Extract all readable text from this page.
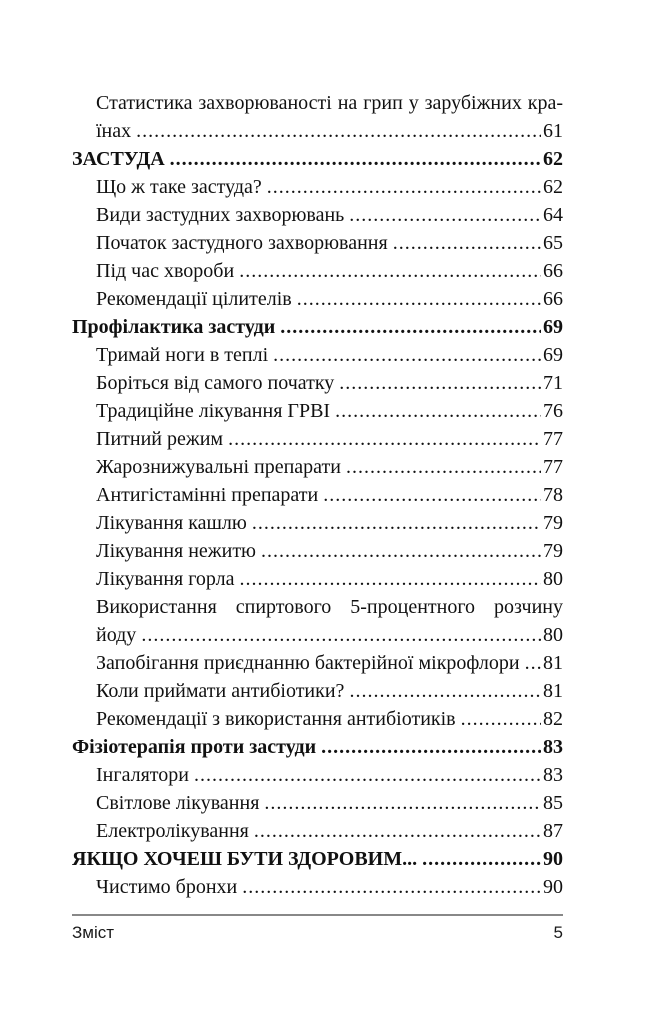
Статистика захворюваності на грип у зарубіжних кра-
їнах .....	61
ЗАСТУДА .....	62
Що ж таке застуда? .....	62
Види застудних захворювань .....	64
Початок застудного захворювання .....	65
Під час хвороби .....	66
Рекомендації цілителів .....	66
Профілактика застуди .....	69
Тримай ноги в теплі .....	69
Боріться від самого початку .....	71
Традиційне лікування ГРВІ .....	76
Питний режим .....	77
Жарознижувальні препарати .....	77
Антигістамінні препарати .....	78
Лікування кашлю .....	79
Лікування нежитю .....	79
Лікування горла .....	80
Використання спиртового 5-процентного розчину
йоду .....	80
Запобігання приєднанню бактерійної мікрофлори ..... 81
Коли приймати антибіотики? .....	81
Рекомендації з використання антибіотиків .....	82
Фізіотерапія проти застуди .....	83
Інгалятори .....	83
Світлове лікування .....	85
Електролікування .....	87
ЯКЩО ХОЧЕШ БУТИ ЗДОРОВИМ... .....	90
Чистимо бронхи .....	90
Зміст	5
